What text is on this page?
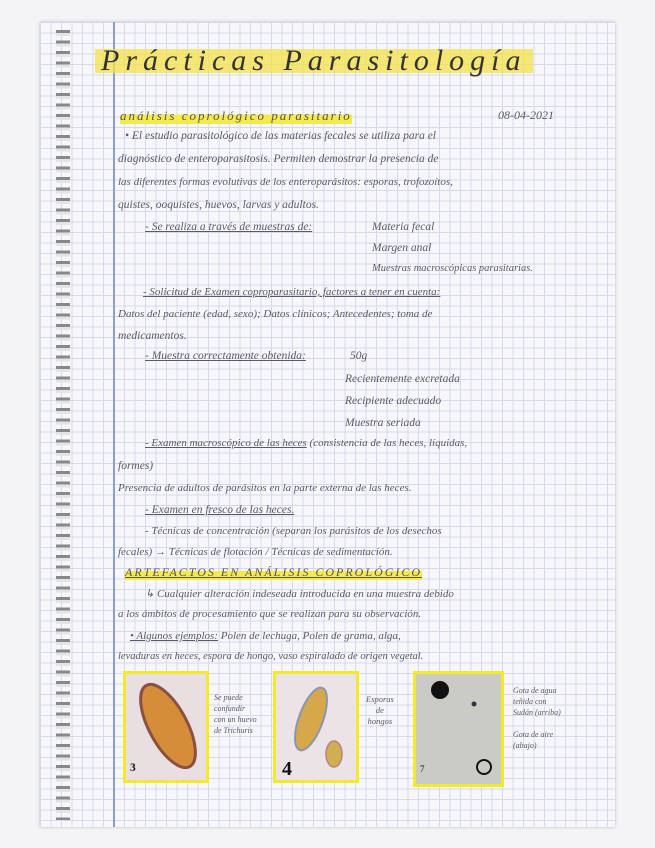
Prácticas Parasitología
análisis coprológico parasitario	08-04-2021
• El estudio parasitológico de las materias fecales se utiliza para el
diagnóstico de enteroparasitosis. Permiten demostrar la presencia de
las diferentes formas evolutivas de los enteroparásitos: esporas, trofozoítos,
quistes, ooquistes, huevos, larvas y adultos.
- Se realiza a través de muestras de:	Materia fecal
Margen anal
Muestras macroscópicas parasitarias.
- Solicitud de Examen coproparasitario, factores a tener en cuenta:
Datos del paciente (edad, sexo); Datos clínicos; Antecedentes; toma de
medicamentos.
- Muestra correctamente obtenida:	50g
Recientemente excretada
Recipiente adecuado
Muestra seriada
- Examen macroscópico de las heces (consistencia de las heces, líquidas,
formes)
Presencia de adultos de parásitos en la parte externa de las heces.
- Examen en fresco de las heces.
- Técnicas de concentración (separan los parásitos de los desechos
fecales) → Técnicas de flotación / Técnicas de sedimentación.
ARTEFACTOS EN ANÁLISIS COPROLÓGICO
↳ Cualquier alteración indeseada introducida en una muestra debido
a los ámbitos de procesamiento que se realizan para su observación.
• Algunos ejemplos: Polen de lechuga, Polen de grama, alga,
levaduras en heces, espora de hongo, vaso espiralado de origen vegetal.
3
Se puede
confundir
con un huevo
de Trichuris
4
Esporas
de
hongos
7
Gota de agua
teñida con
Sudán (arriba)
Gota de aire
(abajo)
